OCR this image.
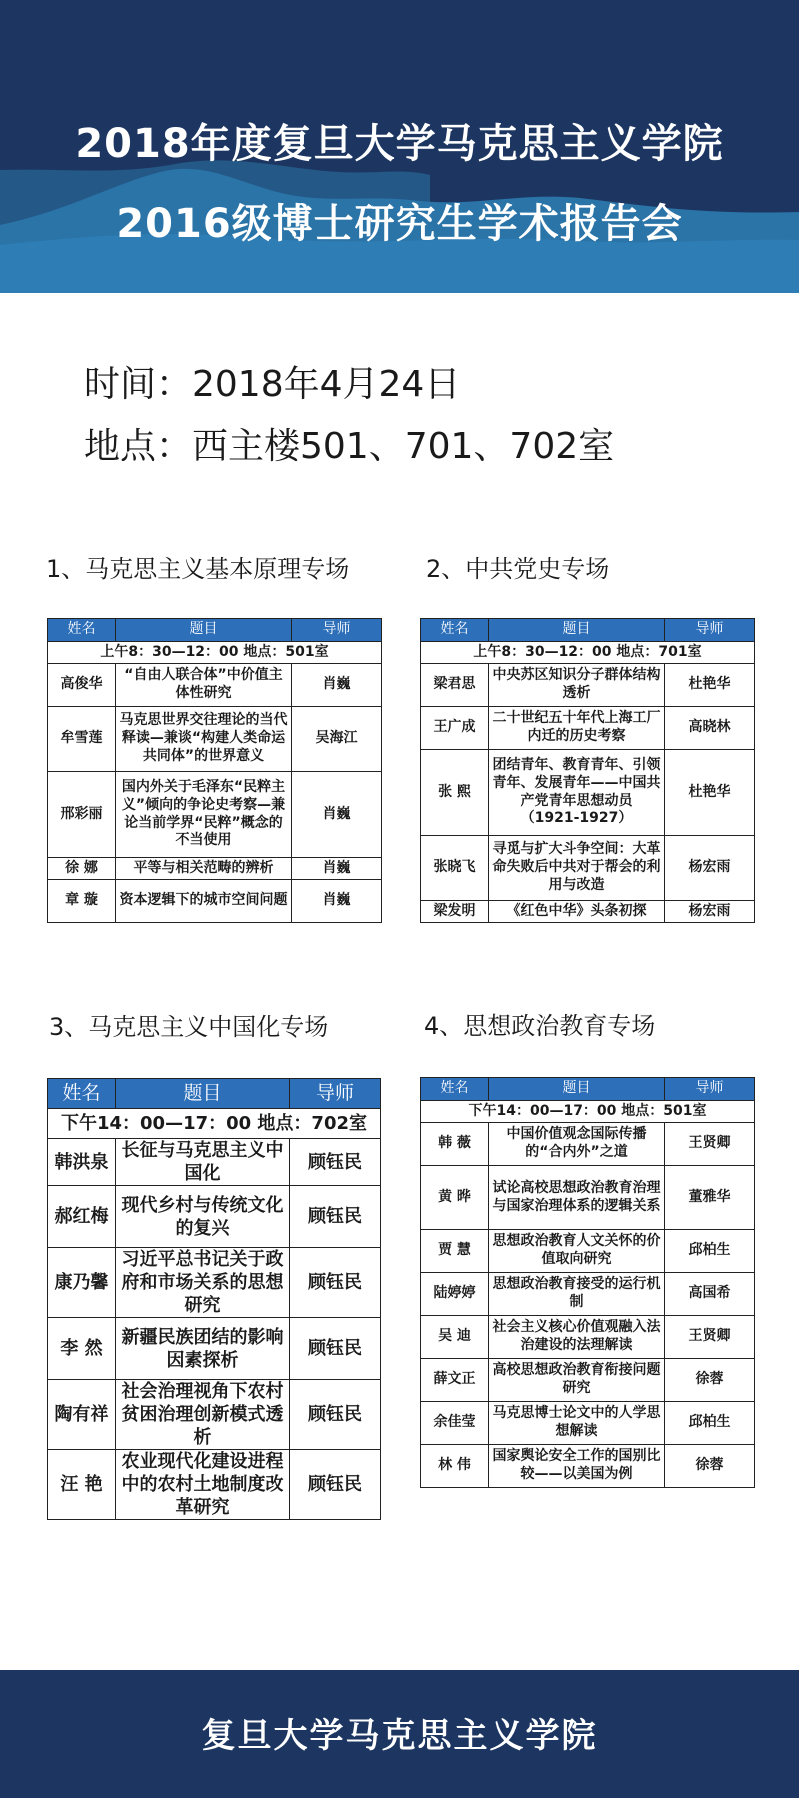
2018年度复旦大学马克思主义学院
2016级博士研究生学术报告会
时间：2018年4月24日
地点：西主楼501、701、702室
1、马克思主义基本原理专场
姓名	题目	导师
上午8：30—12：00 地点：501室		
高俊华	“自由人联合体”中价值主体性研究	肖巍
牟雪莲	马克思世界交往理论的当代释读—兼谈“构建人类命运共同体”的世界意义	吴海江
邢彩丽	国内外关于毛泽东“民粹主义”倾向的争论史考察—兼论当前学界“民粹”概念的不当使用	肖巍
徐 娜	平等与相关范畴的辨析	肖巍
章 璇	资本逻辑下的城市空间问题	肖巍
2、中共党史专场
姓名	题目	导师
上午8：30—12：00 地点：701室		
梁君思	中央苏区知识分子群体结构透析	杜艳华
王广成	二十世纪五十年代上海工厂内迁的历史考察	高晓林
张 熙	团结青年、教育青年、引领青年、发展青年——中国共产党青年思想动员（1921-1927）	杜艳华
张晓飞	寻觅与扩大斗争空间：大革命失败后中共对于帮会的利用与改造	杨宏雨
梁发明	《红色中华》头条初探	杨宏雨
3、马克思主义中国化专场
姓名	题目	导师
下午14：00—17：00 地点：702室		
韩洪泉	长征与马克思主义中国化	顾钰民
郝红梅	现代乡村与传统文化的复兴	顾钰民
康乃馨	习近平总书记关于政府和市场关系的思想研究	顾钰民
李 然	新疆民族团结的影响因素探析	顾钰民
陶有祥	社会治理视角下农村贫困治理创新模式透析	顾钰民
汪 艳	农业现代化建设进程中的农村土地制度改革研究	顾钰民
4、思想政治教育专场
姓名	题目	导师
下午14：00—17：00 地点：501室		
韩 薇	中国价值观念国际传播的“合内外”之道	王贤卿
黄 晔	试论高校思想政治教育治理与国家治理体系的逻辑关系	董雅华
贾 慧	思想政治教育人文关怀的价值取向研究	邱柏生
陆婷婷	思想政治教育接受的运行机制	高国希
吴 迪	社会主义核心价值观融入法治建设的法理解读	王贤卿
薛文正	高校思想政治教育衔接问题研究	徐蓉
余佳莹	马克思博士论文中的人学思想解读	邱柏生
林 伟	国家舆论安全工作的国别比较——以美国为例	徐蓉
复旦大学马克思主义学院
